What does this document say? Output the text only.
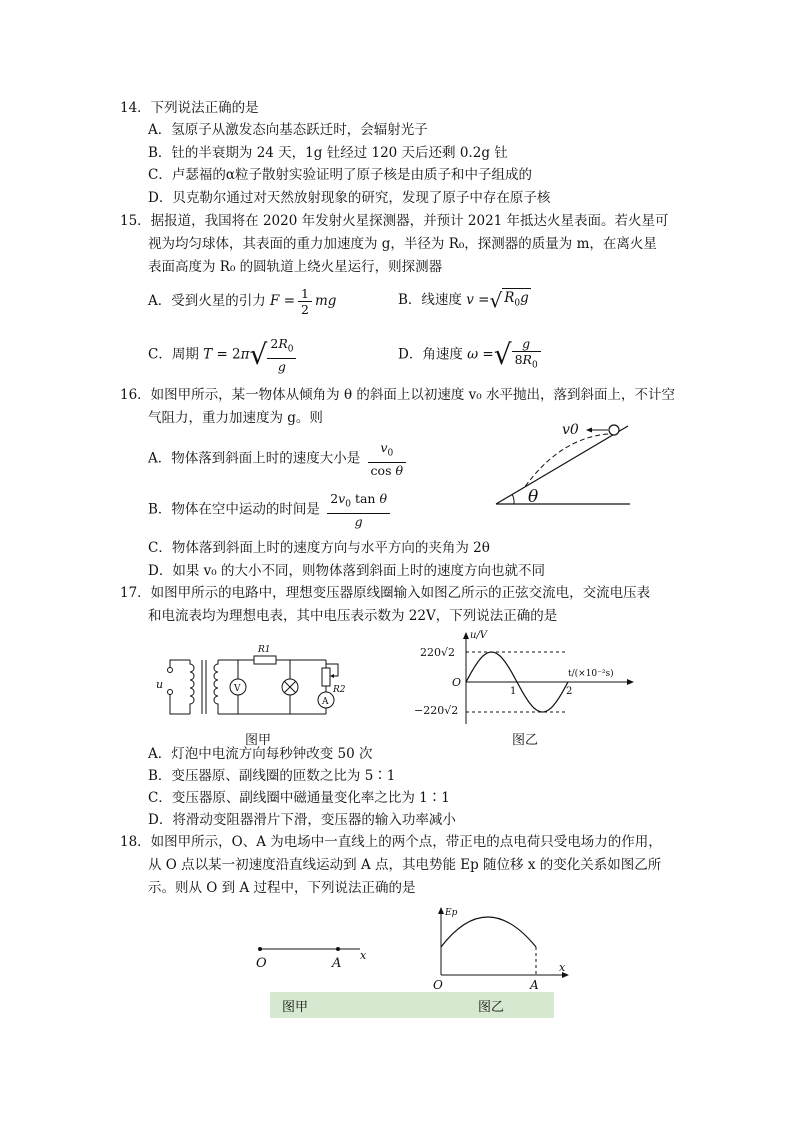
14．下列说法正确的是
A．氢原子从激发态向基态跃迁时，会辐射光子
B．钍的半衰期为 24 天，1g 钍经过 120 天后还剩 0.2g 钍
C．卢瑟福的α粒子散射实验证明了原子核是由质子和中子组成的
D．贝克勒尔通过对天然放射现象的研究，发现了原子中存在原子核
15．据报道，我国将在 2020 年发射火星探测器，并预计 2021 年抵达火星表面。若火星可
视为均匀球体，其表面的重力加速度为 g，半径为 R₀，探测器的质量为 m，在离火星
表面高度为 R₀ 的圆轨道上绕火星运行，则探测器
A．受到火星的引力 $F = \frac{1}{2}$ mg	B．线速度 v =√ $R_0g$
C．周期 $T = 2\pi√ \frac{2R_0}{g}$	D．角速度 ω =√ $\frac{g}{8R_0}$
16．如图甲所示，某一物体从倾角为 θ 的斜面上以初速度 v₀ 水平抛出，落到斜面上，不计空
气阻力，重力加速度为 g。则
A．物体落到斜面上时的速度大小是 $\frac{v_0}{\text{cos θ}}$
B．物体在空中运动的时间是 $\frac{2v_0 \tan \theta}{g}$
C．物体落到斜面上时的速度方向与水平方向的夹角为 2θ
D．如果 v₀ 的大小不同，则物体落到斜面上时的速度方向也就不同
v0
θ
17．如图甲所示的电路中，理想变压器原线圈输入如图乙所示的正弦交流电，交流电压表
和电流表均为理想电表，其中电压表示数为 22V，下列说法正确的是
u
R1
V	R2
A
图甲
u/V
t/(×10⁻²s)
O
220√2
−220√2
1	2
图乙
A．灯泡中电流方向每秒钟改变 50 次
B．变压器原、副线圈的匝数之比为 5∶1
C．变压器原、副线圈中磁通量变化率之比为 1∶1
D．将滑动变阻器滑片下滑，变压器的输入功率减小
18．如图甲所示，O、A 为电场中一直线上的两个点，带正电的点电荷只受电场力的作用，
从 O 点以某一初速度沿直线运动到 A 点，其电势能 Ep 随位移 x 的变化关系如图乙所
示。则从 O 到 A 过程中，下列说法正确的是
O	A
x
Ep
x
O	A
图甲	图乙
